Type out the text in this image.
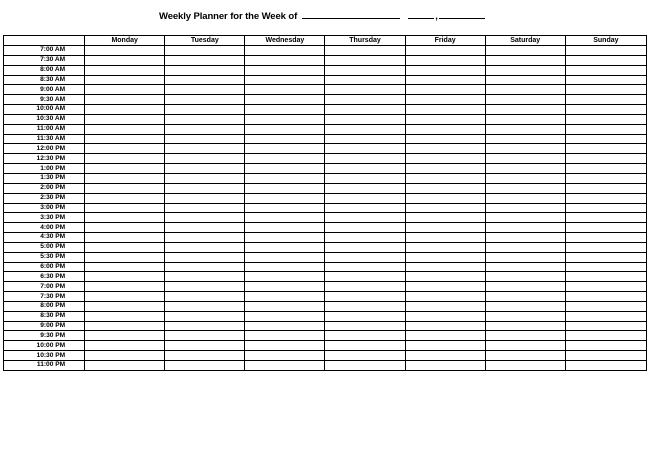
Weekly Planner for the Week of	,
	Monday	Tuesday	Wednesday	Thursday	Friday	Saturday	Sunday
7:00 AM							
7:30 AM							
8:00 AM							
8:30 AM							
9:00 AM							
9:30 AM							
10:00 AM							
10:30 AM							
11:00 AM							
11:30 AM							
12:00 PM							
12:30 PM							
1:00 PM							
1:30 PM							
2:00 PM							
2:30 PM							
3:00 PM							
3:30 PM							
4:00 PM							
4:30 PM							
5:00 PM							
5:30 PM							
6:00 PM							
6:30 PM							
7:00 PM							
7:30 PM							
8:00 PM							
8:30 PM							
9:00 PM							
9:30 PM							
10:00 PM							
10:30 PM							
11:00 PM							
